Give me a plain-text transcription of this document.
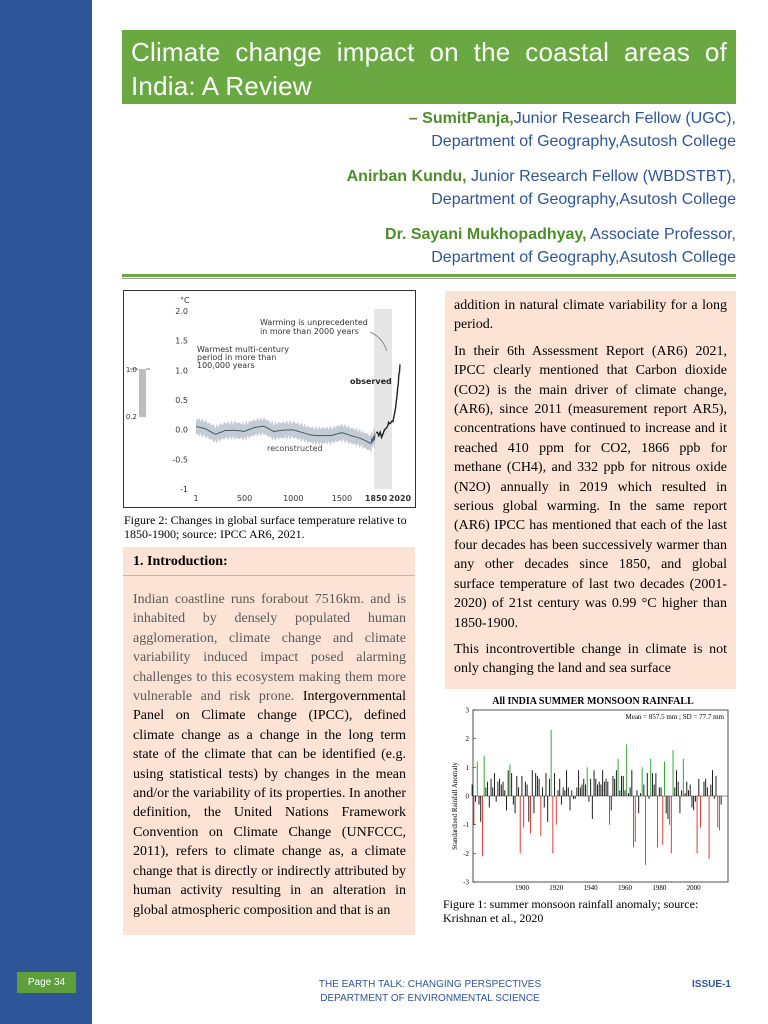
Page 34
Climate change impact on the coastal areas of
India: A Review
– SumitPanja,Junior Research Fellow (UGC),
Department of Geography,Asutosh College
Anirban Kundu, Junior Research Fellow (WBDSTBT),
Department of Geography,Asutosh College
Dr. Sayani Mukhopadhyay, Associate Professor,
Department of Geography,Asutosh College
°C
2.0
1.5
1.0
0.5
0.0
-0.5
-1
1	500	1000	1500 1850 2020
1.0
0.2
Warming is unprecedented
in more than 2000 years
Warmest multi-century
period in more than
100,000 years
observed
reconstructed
Figure 2: Changes in global surface temperature relative to 1850-1900; source: IPCC AR6, 2021.
1. Introduction:

Indian coastline runs forabout 7516km. and is inhabited by densely populated human agglomeration, climate change and climate variability induced impact posed alarming challenges to this ecosystem making them more vulnerable and risk prone. Intergovernmental Panel on Climate change (IPCC), defined climate change as a change in the long term state of the climate that can be identified (e.g. using statistical tests) by changes in the mean and/or the variability of its properties. In another definition, the United Nations Framework Convention on Climate Change (UNFCCC, 2011), refers to climate change as, a climate change that is directly or indirectly attributed by human activity resulting in an alteration in global atmospheric composition and that is an

addition in natural climate variability for a long period.

In their 6th Assessment Report (AR6) 2021, IPCC clearly mentioned that Carbon dioxide (CO2) is the main driver of climate change, (AR6), since 2011 (measurement report AR5), concentrations have continued to increase and it reached 410 ppm for CO2, 1866 ppb for methane (CH4), and 332 ppb for nitrous oxide (N2O) annually in 2019 which resulted in serious global warming. In the same report (AR6) IPCC has mentioned that each of the last four decades has been successively warmer than any other decades since 1850, and global surface temperature of last two decades (2001-2020) of 21st century was 0.99 °C higher than 1850-1900.

This incontrovertible change in climate is not only changing the land and sea surface

All INDIA SUMMER MONSOON RAINFALL
Mean = 857.5 mm ; SD = 77.7 mm
Standardised Rainfall Anomaly
3
2
1
0
-1
-2
-3
1900	1920	1940	1960	1980	2000
Figure 1: summer monsoon rainfall anomaly; source: Krishnan et al., 2020
THE EARTH TALK: CHANGING PERSPECTIVES
DEPARTMENT OF ENVIRONMENTAL SCIENCE
ISSUE-1
